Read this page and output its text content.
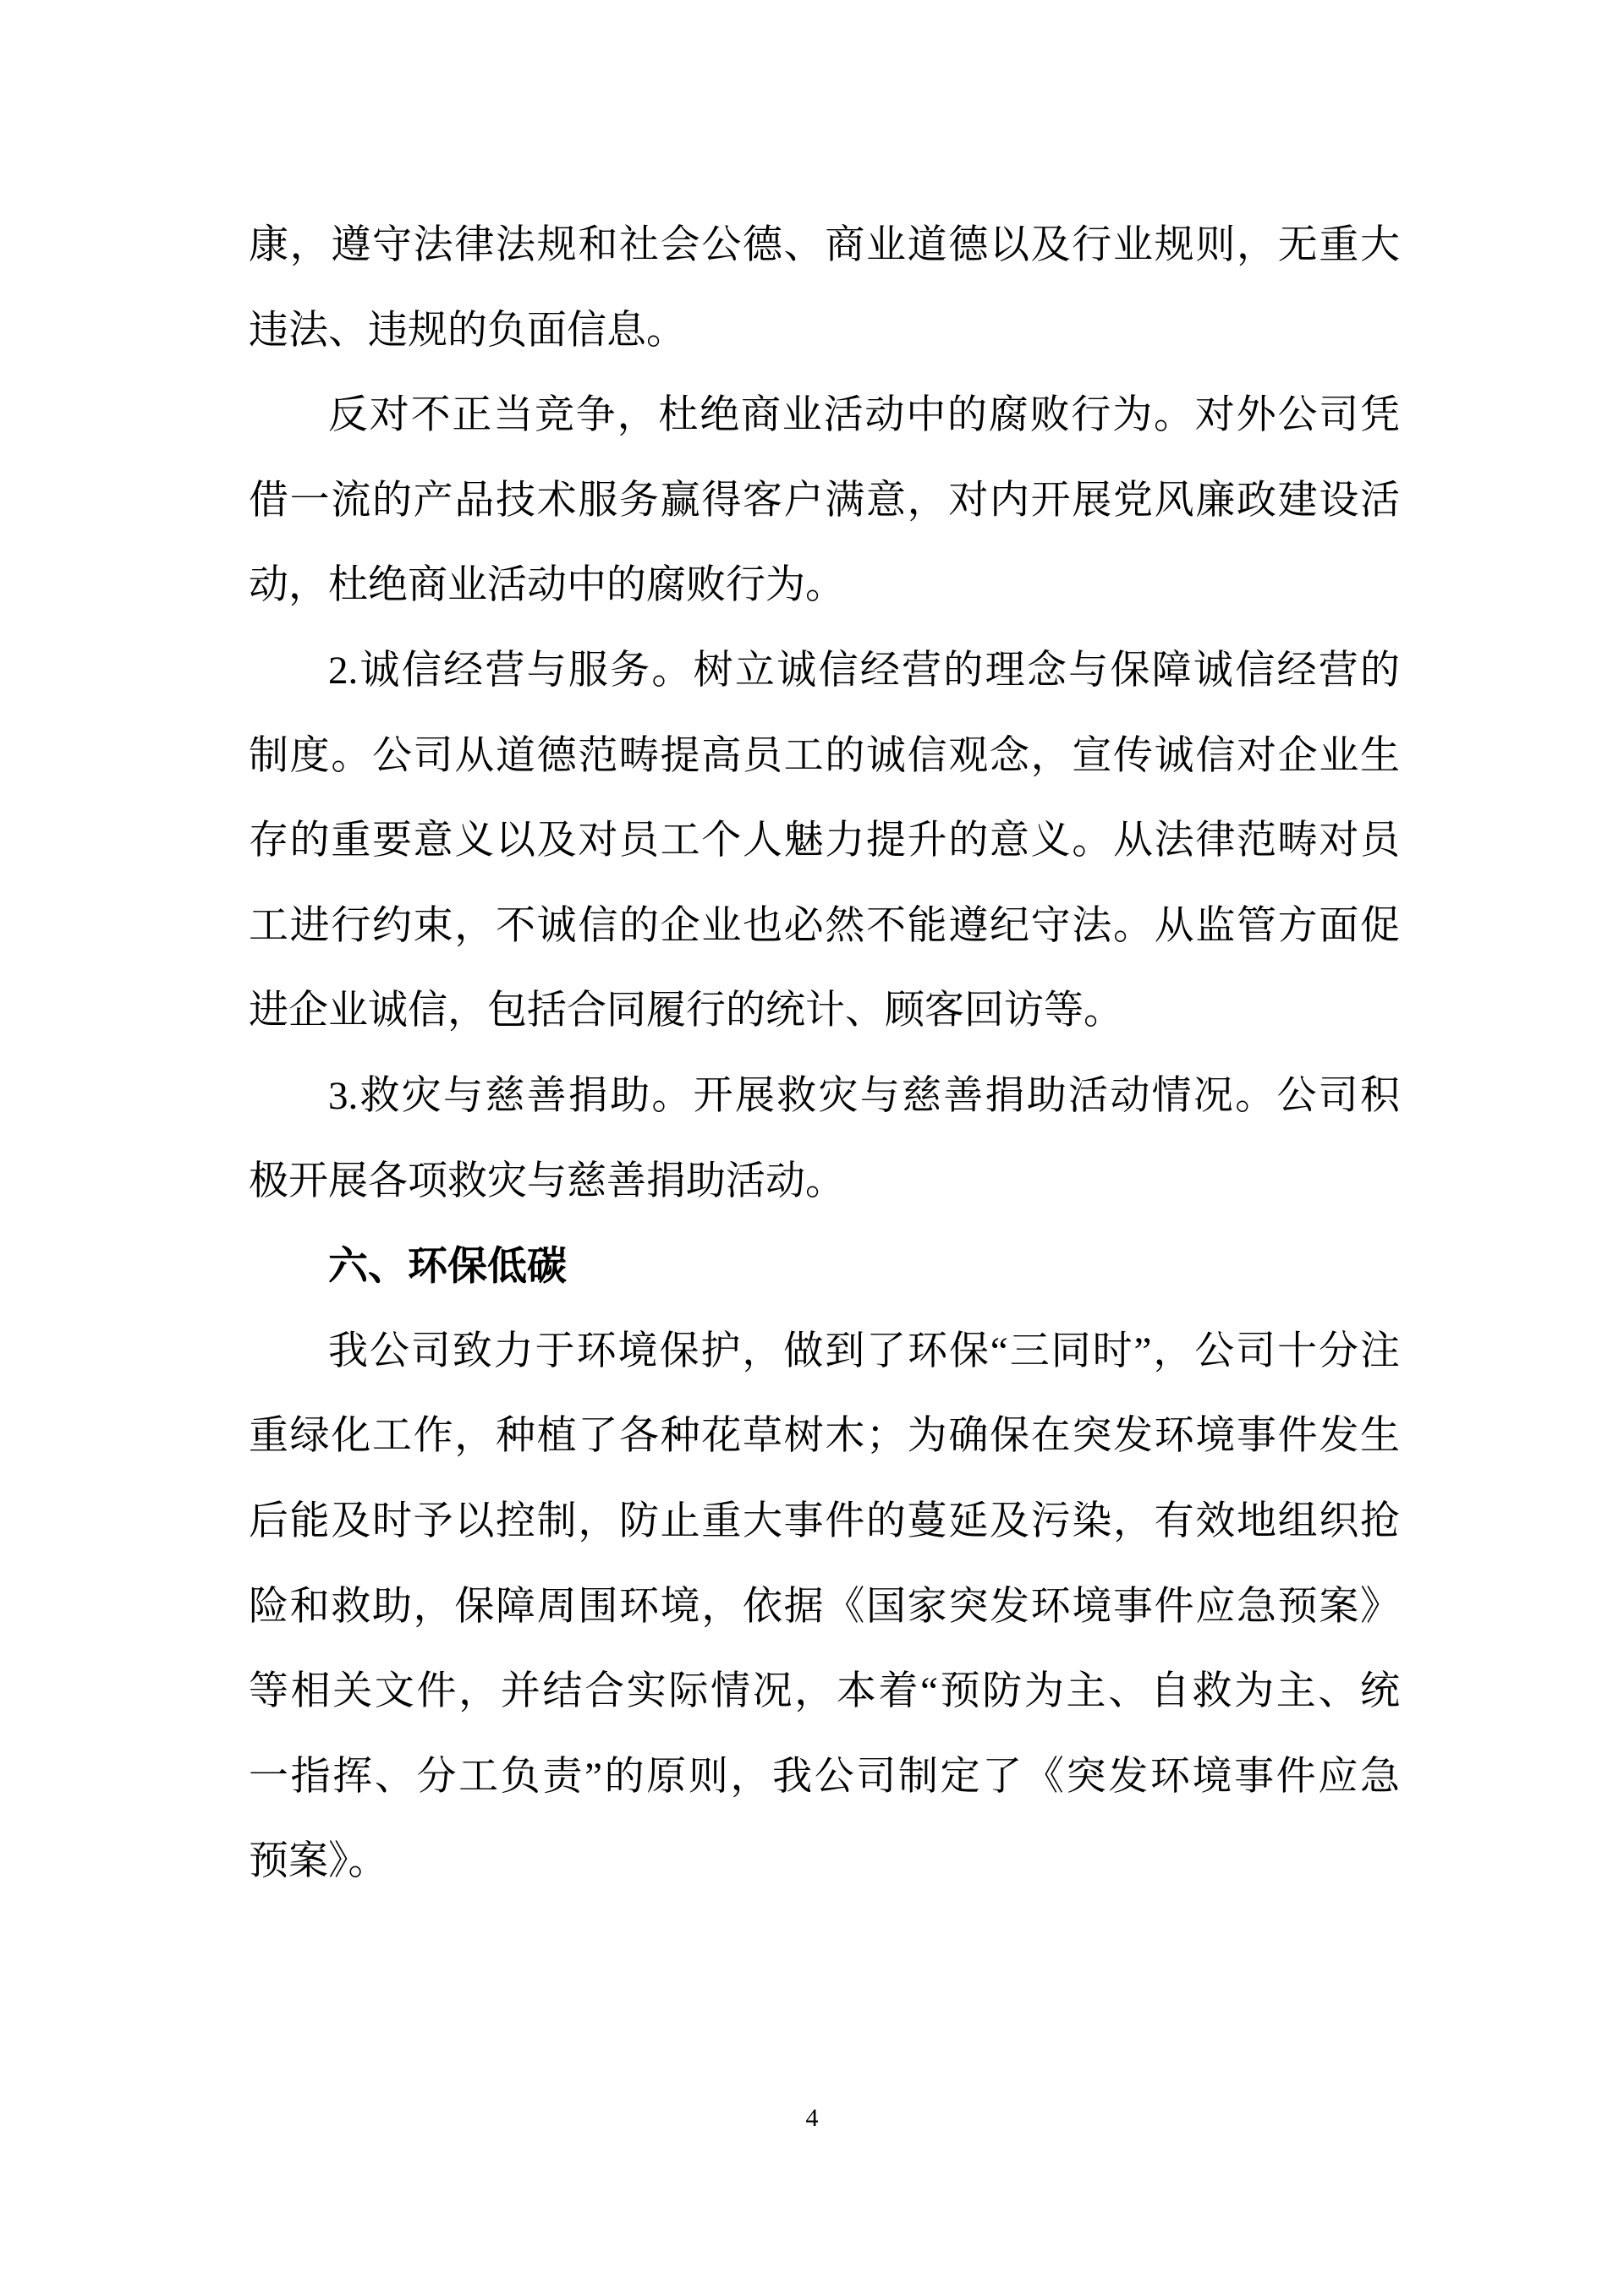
康，遵守法律法规和社会公德、商业道德以及行业规则，无重大
违法、违规的负面信息。
反对不正当竞争，杜绝商业活动中的腐败行为。对外公司凭
借一流的产品技术服务赢得客户满意，对内开展党风廉政建设活
动，杜绝商业活动中的腐败行为。
2.诚信经营与服务。树立诚信经营的理念与保障诚信经营的
制度。公司从道德范畴提高员工的诚信观念，宣传诚信对企业生
存的重要意义以及对员工个人魅力提升的意义。从法律范畴对员
工进行约束，不诚信的企业也必然不能遵纪守法。从监管方面促
进企业诚信，包括合同履行的统计、顾客回访等。
3.救灾与慈善捐助。开展救灾与慈善捐助活动情况。公司积
极开展各项救灾与慈善捐助活动。
六、环保低碳
我公司致力于环境保护，做到了环保“三同时”，公司十分注
重绿化工作，种植了各种花草树木；为确保在突发环境事件发生
后能及时予以控制，防止重大事件的蔓延及污染，有效地组织抢
险和救助，保障周围环境，依据《国家突发环境事件应急预案》
等相关文件，并结合实际情况，本着“预防为主、自救为主、统
一指挥、分工负责”的原则，我公司制定了《突发环境事件应急
预案》。
4
